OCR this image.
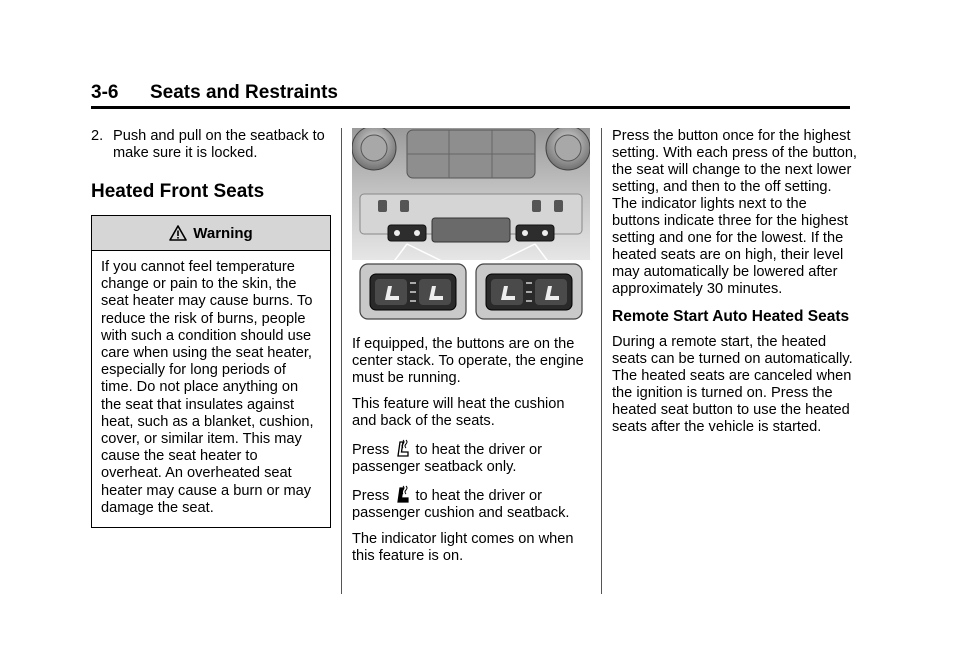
3-6 Seats and Restraints
2. Push and pull on the seatback to make sure it is locked.
Heated Front Seats
Warning
If you cannot feel temperature change or pain to the skin, the seat heater may cause burns. To reduce the risk of burns, people with such a condition should use care when using the seat heater, especially for long periods of time. Do not place anything on the seat that insulates against heat, such as a blanket, cushion, cover, or similar item. This may cause the seat heater to overheat. An overheated seat heater may cause a burn or may damage the seat.

If equipped, the buttons are on the center stack. To operate, the engine must be running.

This feature will heat the cushion and back of the seats.

Press to heat the driver or passenger seatback only.

Press to heat the driver or passenger cushion and seatback.

The indicator light comes on when this feature is on.

Press the button once for the highest setting. With each press of the button, the seat will change to the next lower setting, and then to the off setting. The indicator lights next to the buttons indicate three for the highest setting and one for the lowest. If the heated seats are on high, their level may automatically be lowered after approximately 30 minutes.

Remote Start Auto Heated Seats

During a remote start, the heated seats can be turned on automatically. The heated seats are canceled when the ignition is turned on. Press the heated seat button to use the heated seats after the vehicle is started.
